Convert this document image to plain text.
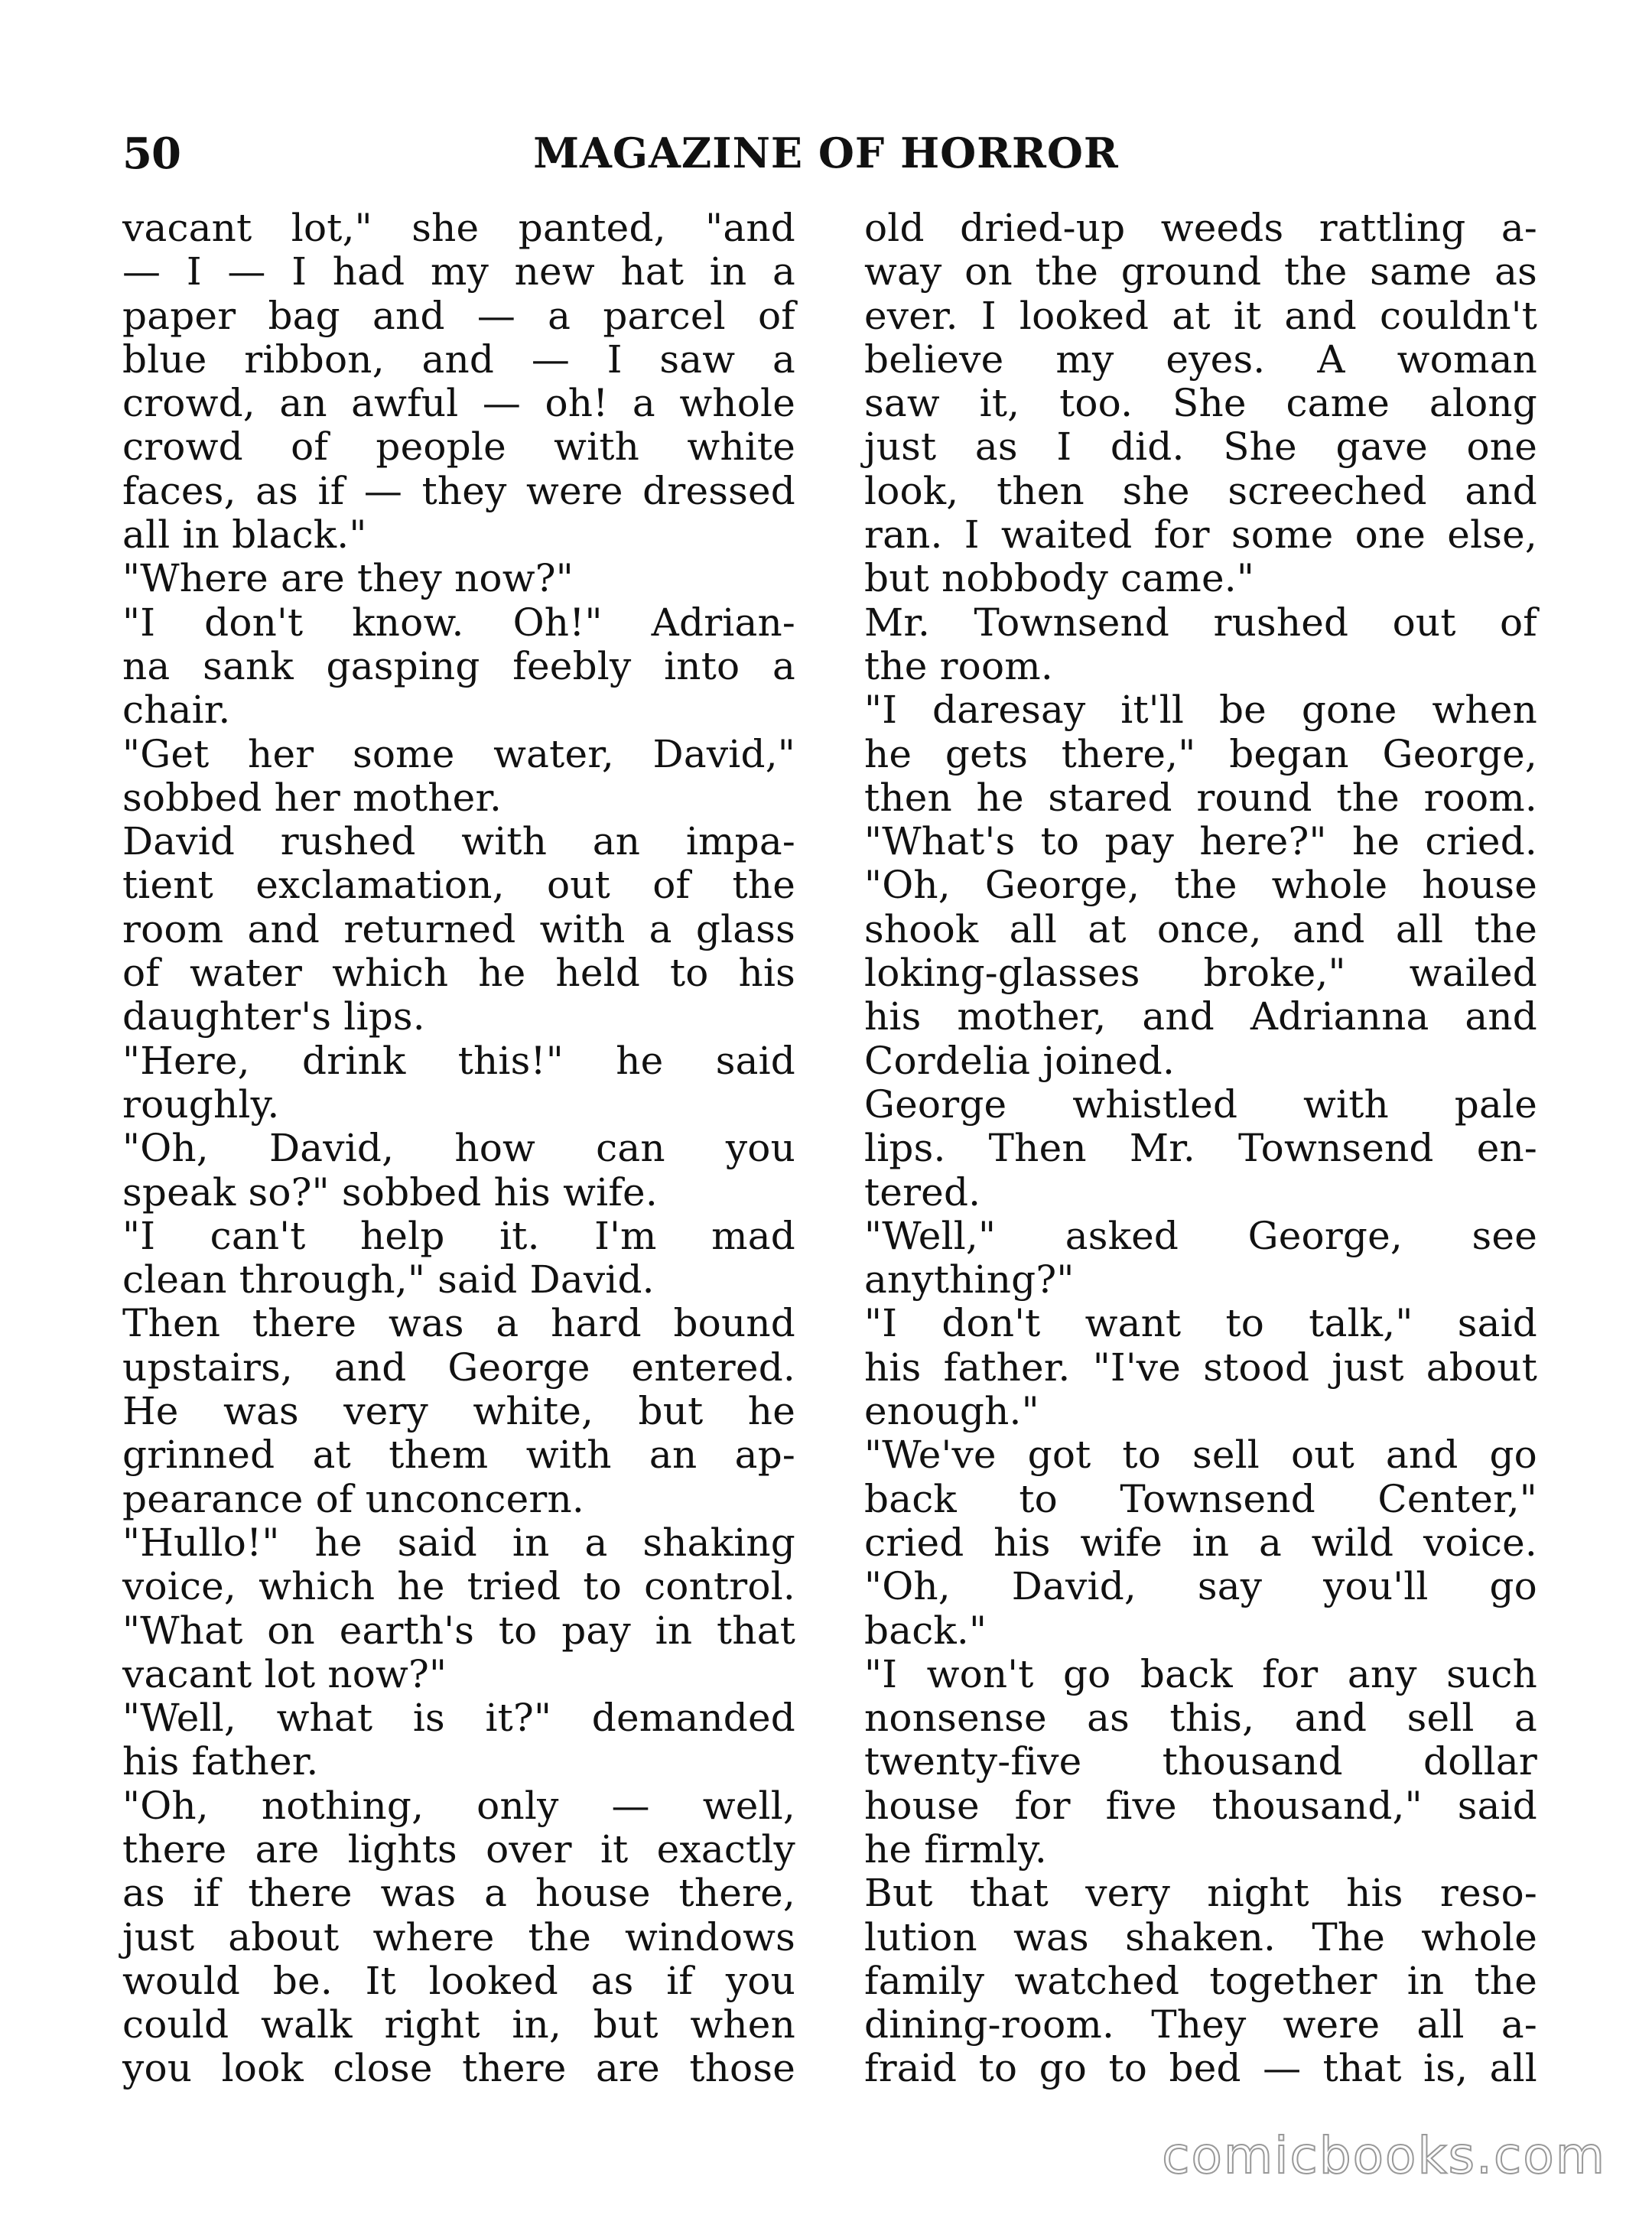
50	MAGAZINE OF HORROR
vacant lot," she panted, "and
— I — I had my new hat in a
paper bag and — a parcel of
blue ribbon, and — I saw a
crowd, an awful — oh! a whole
crowd of people with white
faces, as if — they were dressed
all in black."
"Where are they now?"
"I don't know. Oh!" Adrian-
na sank gasping feebly into a
chair.
"Get her some water, David,"
sobbed her mother.
David rushed with an impa-
tient exclamation, out of the
room and returned with a glass
of water which he held to his
daughter's lips.
"Here, drink this!" he said
roughly.
"Oh, David, how can you
speak so?" sobbed his wife.
"I can't help it. I'm mad
clean through," said David.
Then there was a hard bound
upstairs, and George entered.
He was very white, but he
grinned at them with an ap-
pearance of unconcern.
"Hullo!" he said in a shaking
voice, which he tried to control.
"What on earth's to pay in that
vacant lot now?"
"Well, what is it?" demanded
his father.
"Oh, nothing, only — well,
there are lights over it exactly
as if there was a house there,
just about where the windows
would be. It looked as if you
could walk right in, but when
you look close there are those
old dried-up weeds rattling a-
way on the ground the same as
ever. I looked at it and couldn't
believe my eyes. A woman
saw it, too. She came along
just as I did. She gave one
look, then she screeched and
ran. I waited for some one else,
but nobbody came."
Mr. Townsend rushed out of
the room.
"I daresay it'll be gone when
he gets there," began George,
then he stared round the room.
"What's to pay here?" he cried.
"Oh, George, the whole house
shook all at once, and all the
loking-glasses broke," wailed
his mother, and Adrianna and
Cordelia joined.
George whistled with pale
lips. Then Mr. Townsend en-
tered.
"Well," asked George, see
anything?"
"I don't want to talk," said
his father. "I've stood just about
enough."
"We've got to sell out and go
back to Townsend Center,"
cried his wife in a wild voice.
"Oh, David, say you'll go
back."
"I won't go back for any such
nonsense as this, and sell a
twenty-five thousand dollar
house for five thousand," said
he firmly.
But that very night his reso-
lution was shaken. The whole
family watched together in the
dining-room. They were all a-
fraid to go to bed — that is, all
comicbooks.com
